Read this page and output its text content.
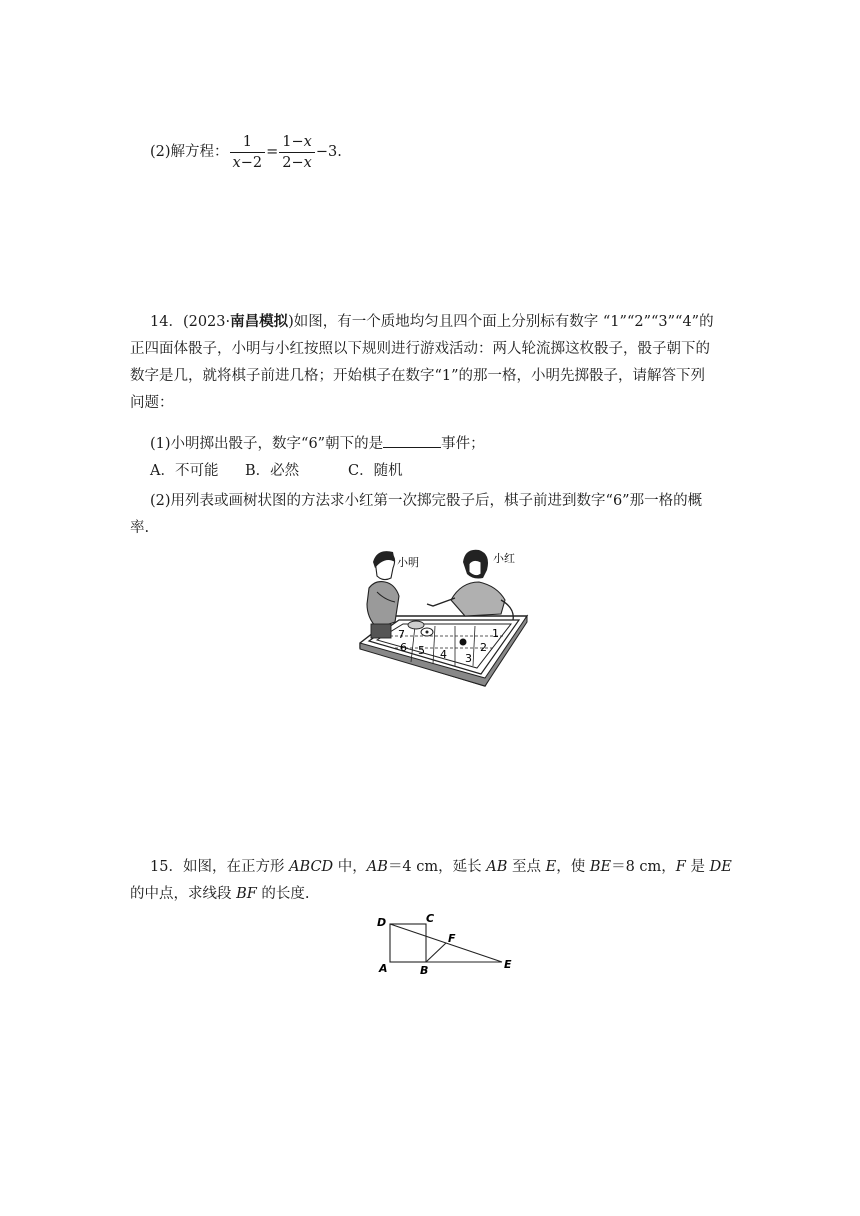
(2)解方程： $\frac{1}{x-2} = \frac{1-x}{2-x} -3$.
14．(2023·南昌模拟)如图，有一个质地均匀且四个面上分别标有数字 “1”“2”“3”“4”的
正四面体骰子，小明与小红按照以下规则进行游戏活动：两人轮流掷这枚骰子，骰子朝下的
数字是几，就将棋子前进几格；开始棋子在数字“1”的那一格，小明先掷骰子，请解答下列
问题：
(1)小明掷出骰子，数字“6”朝下的是	事件；
A．不可能 B．必然	C．随机
(2)用列表或画树状图的方法求小红第一次掷完骰子后，棋子前进到数字“6”那一格的概
率.
1
2
3
4
5
6
7
小明	小红
15．如图，在正方形 ABCD 中，AB＝4 cm，延长 AB 至点 E，使 BE＝8 cm，F 是 DE
的中点，求线段 BF 的长度.
D	C
F
A	B	E
